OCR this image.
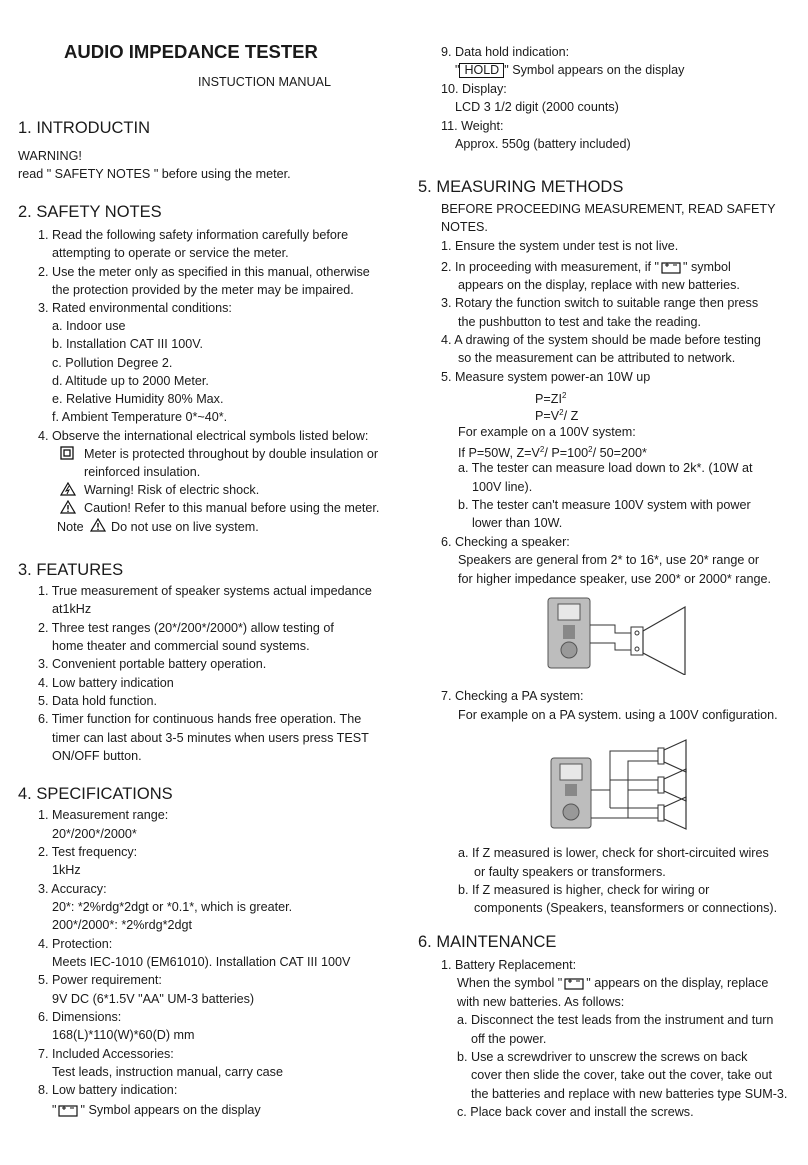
AUDIO IMPEDANCE TESTER
INSTUCTION MANUAL
1. INTRODUCTIN
WARNING!
read " SAFETY NOTES " before using the meter.
2. SAFETY NOTES
1. Read the following safety information carefully before
attempting to operate or service the meter.
2. Use the meter only as specified in this manual, otherwise
the protection provided by the meter may be impaired.
3. Rated environmental conditions:
a. Indoor use
b. Installation CAT III 100V.
c. Pollution Degree 2.
d. Altitude up to 2000 Meter.
e. Relative Humidity 80% Max.
f. Ambient Temperature 0*~40*.
4. Observe the international electrical symbols listed below:
Meter is protected throughout by double insulation or
reinforced insulation.
Warning! Risk of electric shock.
Caution! Refer to this manual before using the meter.
Note Do not use on live system.
3. FEATURES
1. True measurement of speaker systems actual impedance
at1kHz
2. Three test ranges (20*/200*/2000*) allow testing of
home theater and commercial sound systems.
3. Convenient portable battery operation.
4. Low battery indication
5. Data hold function.
6. Timer function for continuous hands free operation. The
timer can last about 3-5 minutes when users press TEST
ON/OFF button.
4. SPECIFICATIONS
1. Measurement range:
20*/200*/2000*
2. Test frequency:
1kHz
3. Accuracy:
20*: *2%rdg*2dgt or *0.1*, which is greater.
200*/2000*: *2%rdg*2dgt
4. Protection:
Meets IEC-1010 (EM61010). Installation CAT III 100V
5. Power requirement:
9V DC (6*1.5V "AA" UM-3 batteries)
6. Dimensions:
168(L)*110(W)*60(D) mm
7. Included Accessories:
Test leads, instruction manual, carry case
8. Low battery indication:
" " Symbol appears on the display
9. Data hold indication:
" HOLD " Symbol appears on the display
10. Display:
LCD 3 1/2 digit (2000 counts)
11. Weight:
Approx. 550g (battery included)
5. MEASURING METHODS
BEFORE PROCEEDING MEASUREMENT, READ SAFETY
NOTES.
1. Ensure the system under test is not live.
2. In proceeding with measurement, if " " symbol
appears on the display, replace with new batteries.
3. Rotary the function switch to suitable range then press
the pushbutton to test and take the reading.
4. A drawing of the system should be made before testing
so the measurement can be attributed to network.
5. Measure system power-an 10W up
$P=ZI^2$
$P=V^2/$ Z
For example on a 100V system:
If P=50W, $Z=V^2/$ $P=100^2/$ 50=200*
a. The tester can measure load down to 2k*. (10W at
100V line).
b. The tester can't measure 100V system with power
lower than 10W.
6. Checking a speaker:
Speakers are general from 2* to 16*, use 20* range or
for higher impedance speaker, use 200* or 2000* range.
7. Checking a PA system:
For example on a PA system. using a 100V configuration.
a. If Z measured is lower, check for short-circuited wires
or faulty speakers or transformers.
b. If Z measured is higher, check for wiring or
components (Speakers, teansformers or connections).
6. MAINTENANCE
1. Battery Replacement:
When the symbol " " appears on the display, replace
with new batteries. As follows:
a. Disconnect the test leads from the instrument and turn
off the power.
b. Use a screwdriver to unscrew the screws on back
cover then slide the cover, take out the cover, take out
the batteries and replace with new batteries type SUM-3.
c. Place back cover and install the screws.
